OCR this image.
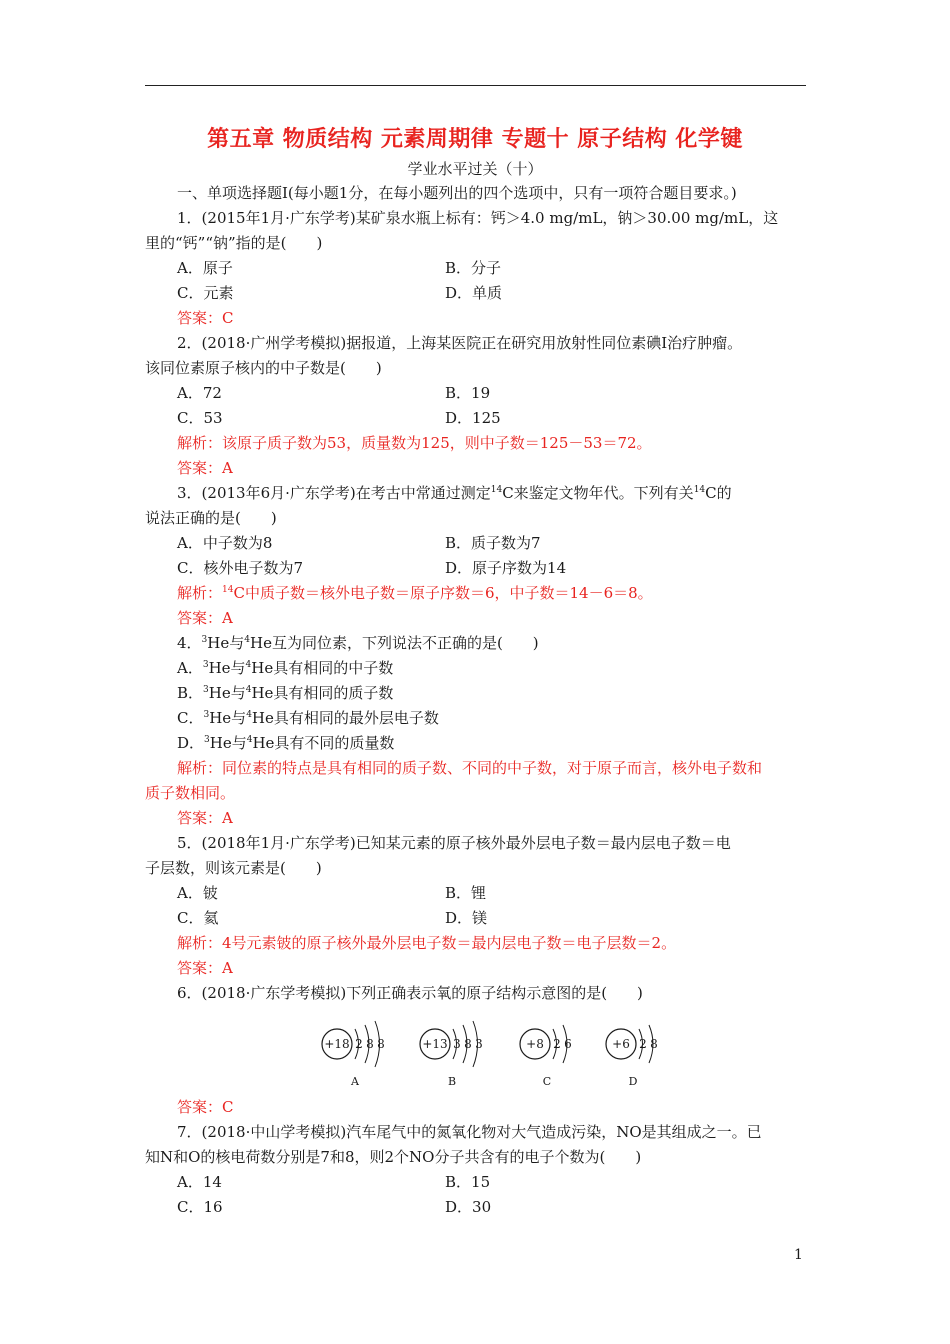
第五章 物质结构 元素周期律 专题十 原子结构 化学键
学业水平过关（十）
一、单项选择题Ⅰ(每小题1分，在每小题列出的四个选项中，只有一项符合题目要求。)
1．(2015年1月·广东学考)某矿泉水瓶上标有：钙＞4.0 mg/mL，钠＞30.00 mg/mL，这
里的“钙”“钠”指的是(　　)
A．原子	B．分子
C．元素	D．单质
答案：C
2．(2018·广州学考模拟)据报道，上海某医院正在研究用放射性同位素碘Ⅰ治疗肿瘤。
该同位素原子核内的中子数是(　　)
A．72	B．19
C．53	D．125
解析：该原子质子数为53，质量数为125，则中子数＝125－53＝72。
答案：A
3．(2013年6月·广东学考)在考古中常通过测定$^{14}$C来鉴定文物年代。下列有关$^{14}$C的
说法正确的是(　　)
A．中子数为8	B．质子数为7
C．核外电子数为7	D．原子序数为14
解析：$^{14}$C中质子数＝核外电子数＝原子序数＝6，中子数＝14－6＝8。
答案：A
4．$^3$He与$^4$He互为同位素，下列说法不正确的是(　　)
A．$^3$He与$^4$He具有相同的中子数
B．$^3$He与$^4$He具有相同的质子数
C．$^3$He与$^4$He具有相同的最外层电子数
D．$^3$He与$^4$He具有不同的质量数
解析：同位素的特点是具有相同的质子数、不同的中子数，对于原子而言，核外电子数和
质子数相同。
答案：A
5．(2018年1月·广东学考)已知某元素的原子核外最外层电子数＝最内层电子数＝电
子层数，则该元素是(　　)
A．铍	B．锂
C．氦	D．镁
解析：4号元素铍的原子核外最外层电子数＝最内层电子数＝电子层数＝2。
答案：A
6．(2018·广东学考模拟)下列正确表示氧的原子结构示意图的是(　　)
+18 2 8 8
A
+13 3 8 3
B
+8 2 6
C
+6 2 8
D
答案：C
7．(2018·中山学考模拟)汽车尾气中的氮氧化物对大气造成污染，NO是其组成之一。已
知N和O的核电荷数分别是7和8，则2个NO分子共含有的电子个数为(　　)
A．14	B．15
C．16	D．30
1
